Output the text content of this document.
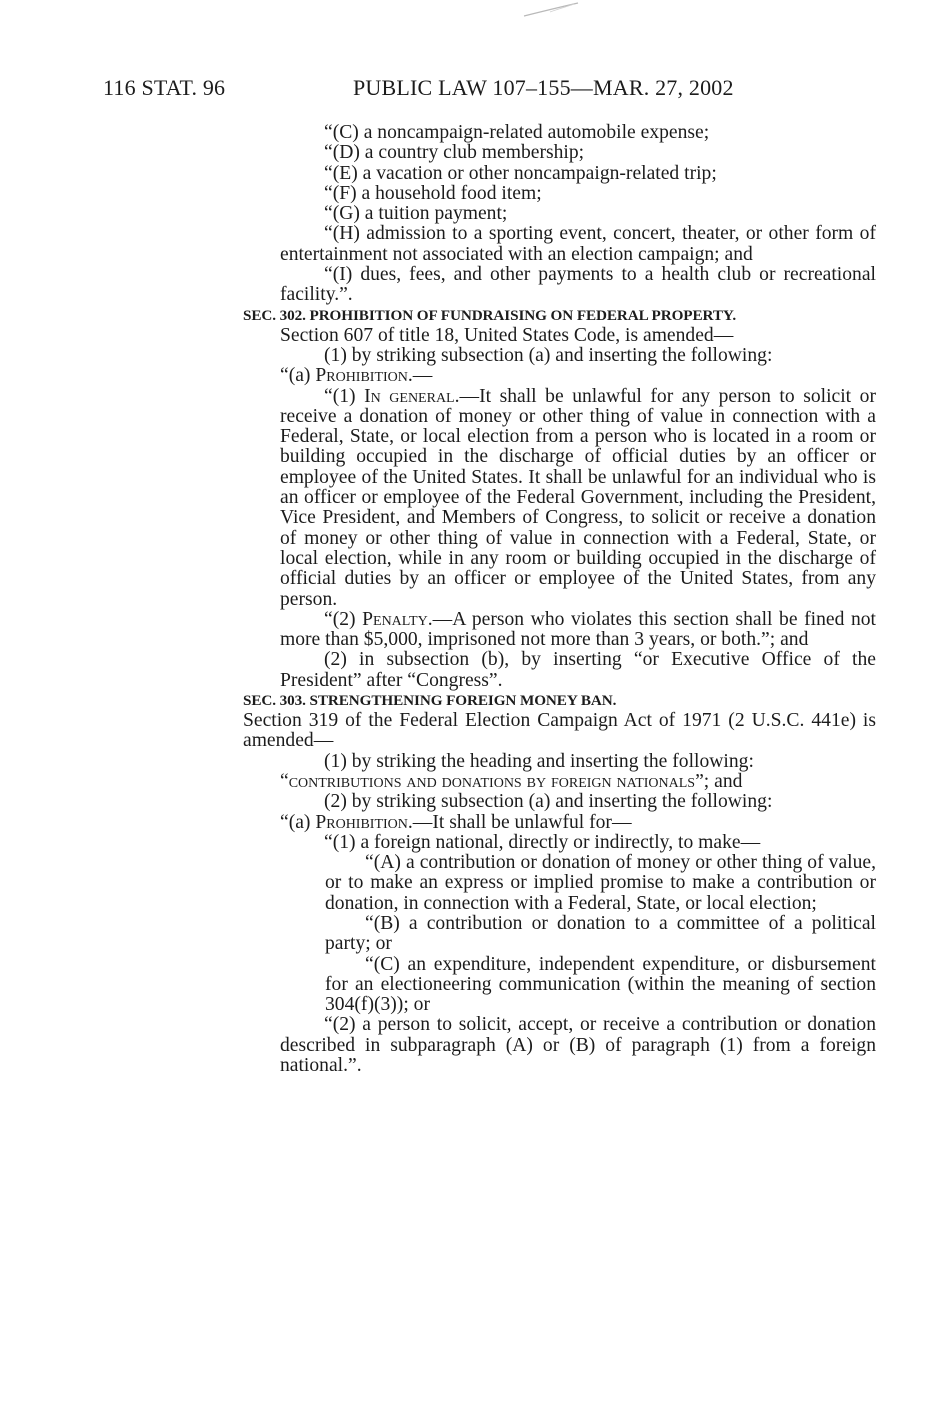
116 STAT. 96	PUBLIC LAW 107–155—MAR. 27, 2002

“(C) a noncampaign-related automobile expense;

“(D) a country club membership;

“(E) a vacation or other noncampaign-related trip;

“(F) a household food item;

“(G) a tuition payment;

“(H) admission to a sporting event, concert, theater, or other form of entertainment not associated with an election campaign; and

“(I) dues, fees, and other payments to a health club or recreational facility.”.

SEC. 302. PROHIBITION OF FUNDRAISING ON FEDERAL PROPERTY.

Section 607 of title 18, United States Code, is amended—

(1) by striking subsection (a) and inserting the following:

“(a) Prohibition.—

“(1) In general.—It shall be unlawful for any person to solicit or receive a donation of money or other thing of value in connection with a Federal, State, or local election from a person who is located in a room or building occupied in the discharge of official duties by an officer or employee of the United States. It shall be unlawful for an individual who is an officer or employee of the Federal Government, including the President, Vice President, and Members of Congress, to solicit or receive a donation of money or other thing of value in connection with a Federal, State, or local election, while in any room or building occupied in the discharge of official duties by an officer or employee of the United States, from any person.

“(2) Penalty.—A person who violates this section shall be fined not more than $5,000, imprisoned not more than 3 years, or both.”; and

(2) in subsection (b), by inserting “or Executive Office of the President” after “Congress”.

SEC. 303. STRENGTHENING FOREIGN MONEY BAN.

Section 319 of the Federal Election Campaign Act of 1971 (2 U.S.C. 441e) is amended—

(1) by striking the heading and inserting the following:

“contributions and donations by foreign nationals”; and

(2) by striking subsection (a) and inserting the following:

“(a) Prohibition.—It shall be unlawful for—

“(1) a foreign national, directly or indirectly, to make—

“(A) a contribution or donation of money or other thing of value, or to make an express or implied promise to make a contribution or donation, in connection with a Federal, State, or local election;

“(B) a contribution or donation to a committee of a political party; or

“(C) an expenditure, independent expenditure, or disbursement for an electioneering communication (within the meaning of section 304(f)(3)); or

“(2) a person to solicit, accept, or receive a contribution or donation described in subparagraph (A) or (B) of paragraph (1) from a foreign national.”.
